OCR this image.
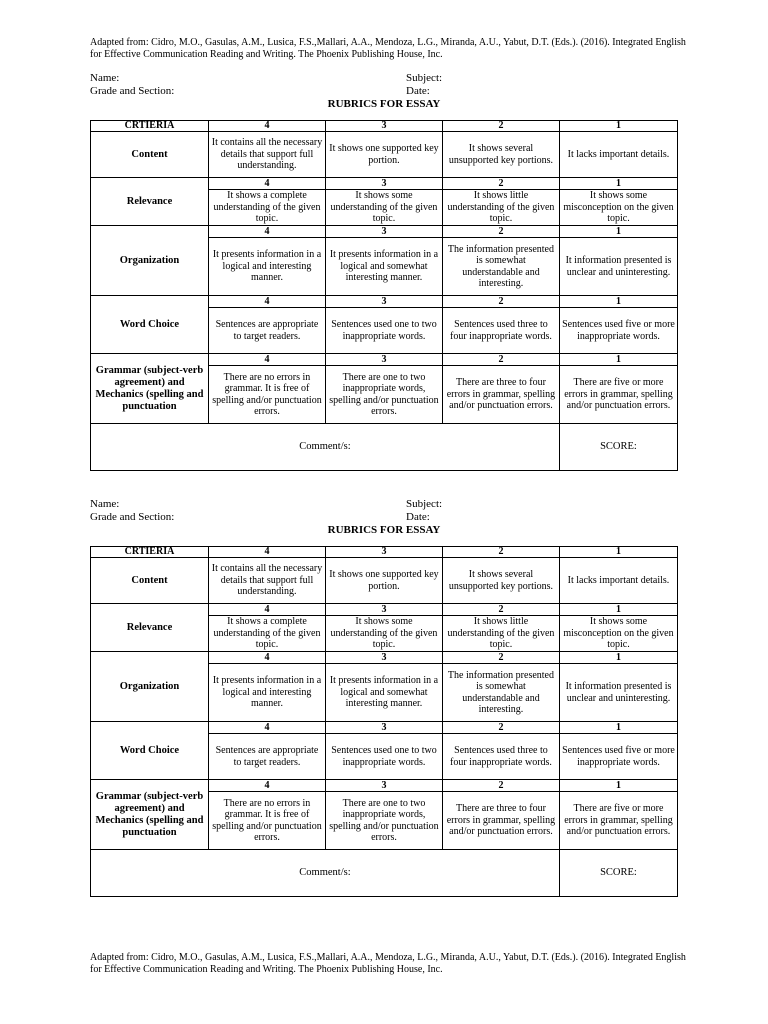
Adapted from: Cidro, M.O., Gasulas, A.M., Lusica, F.S.,Mallari, A.A., Mendoza, L.G., Miranda, A.U., Yabut, D.T. (Eds.). (2016). Integrated English for Effective Communication Reading and Writing. The Phoenix Publishing House, Inc.
Name:
Grade and Section:
Subject:
Date:
RUBRICS FOR ESSAY
CRTIERIA	4	3	2	1
Content	It contains all the necessary details that support full understanding.	It shows one supported key portion.	It shows several unsupported key portions.	It lacks important details.
Relevance	4	3	2	1
	It shows a complete understanding of the given topic.	It shows some understanding of the given topic.	It shows little understanding of the given topic.	It shows some misconception on the given topic.
Organization	4	3	2	1
	It presents information in a logical and interesting manner.	It presents information in a logical and somewhat interesting manner.	The information presented is somewhat understandable and interesting.	It information presented is unclear and uninteresting.
Word Choice	4	3	2	1
	Sentences are appropriate to target readers.	Sentences used one to two inappropriate words.	Sentences used three to four inappropriate words.	Sentences used five or more inappropriate words.
Grammar (subject-verb agreement) and Mechanics (spelling and punctuation	4	3	2	1
	There are no errors in grammar. It is free of spelling and/or punctuation errors.	There are one to two inappropriate words, spelling and/or punctuation errors.	There are three to four errors in grammar, spelling and/or punctuation errors.	There are five or more errors in grammar, spelling and/or punctuation errors.
Comment/s:				SCORE:
Name:
Grade and Section:
Subject:
Date:
RUBRICS FOR ESSAY
CRTIERIA	4	3	2	1
Content	It contains all the necessary details that support full understanding.	It shows one supported key portion.	It shows several unsupported key portions.	It lacks important details.
Relevance	4	3	2	1
	It shows a complete understanding of the given topic.	It shows some understanding of the given topic.	It shows little understanding of the given topic.	It shows some misconception on the given topic.
Organization	4	3	2	1
	It presents information in a logical and interesting manner.	It presents information in a logical and somewhat interesting manner.	The information presented is somewhat understandable and interesting.	It information presented is unclear and uninteresting.
Word Choice	4	3	2	1
	Sentences are appropriate to target readers.	Sentences used one to two inappropriate words.	Sentences used three to four inappropriate words.	Sentences used five or more inappropriate words.
Grammar (subject-verb agreement) and Mechanics (spelling and punctuation	4	3	2	1
	There are no errors in grammar. It is free of spelling and/or punctuation errors.	There are one to two inappropriate words, spelling and/or punctuation errors.	There are three to four errors in grammar, spelling and/or punctuation errors.	There are five or more errors in grammar, spelling and/or punctuation errors.
Comment/s:				SCORE:
Adapted from: Cidro, M.O., Gasulas, A.M., Lusica, F.S.,Mallari, A.A., Mendoza, L.G., Miranda, A.U., Yabut, D.T. (Eds.). (2016). Integrated English for Effective Communication Reading and Writing. The Phoenix Publishing House, Inc.
